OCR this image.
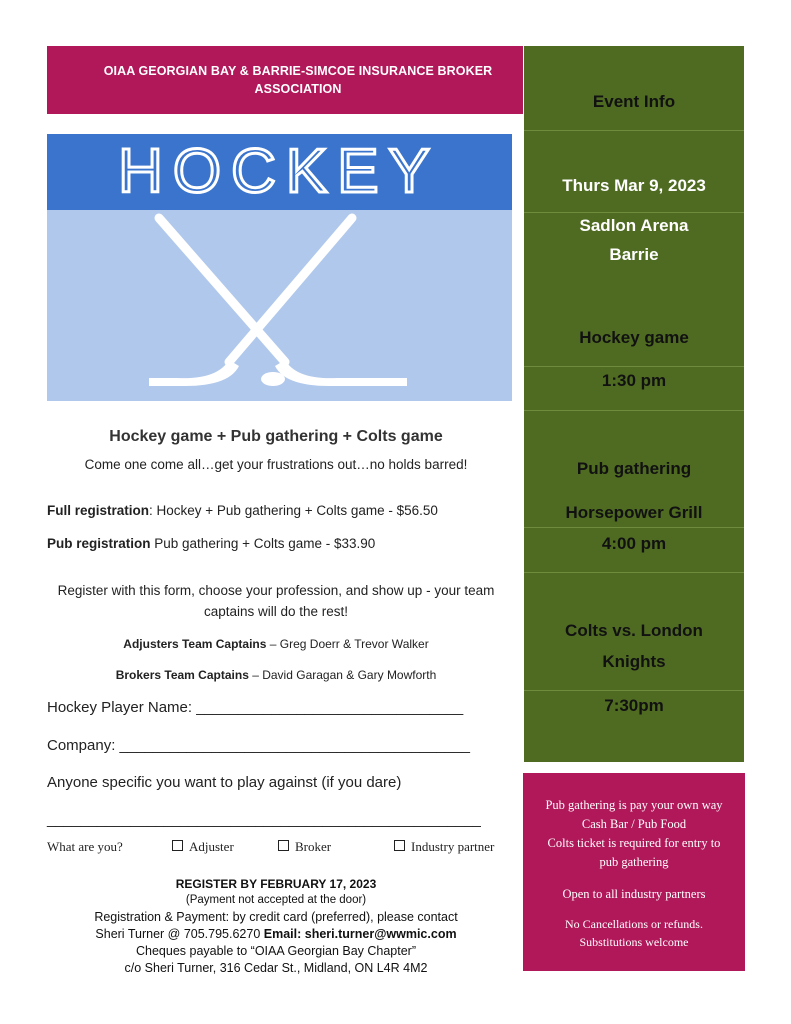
OIAA GEORGIAN BAY & BARRIE-SIMCOE INSURANCE BROKER ASSOCIATION
HOCKEY
Event Info
Thurs Mar 9, 2023
Sadlon Arena
Barrie
Hockey game
1:30 pm
Pub gathering
Horsepower Grill
4:00 pm
Colts vs. London
Knights
7:30pm
Hockey game + Pub gathering + Colts game
Come one come all…get your frustrations out…no holds barred!
Full registration: Hockey + Pub gathering + Colts game - $56.50
Pub registration Pub gathering + Colts game - $33.90
Register with this form, choose your profession, and show up - your team
captains will do the rest!
Adjusters Team Captains – Greg Doerr & Trevor Walker
Brokers Team Captains – David Garagan & Gary Mowforth
Hockey Player Name: ________________________________
Company: __________________________________________
Anyone specific you want to play against (if you dare)
____________________________________________________
What are you?	Adjuster	Broker	Industry partner
REGISTER BY FEBRUARY 17, 2023
(Payment not accepted at the door)
Registration & Payment: by credit card (preferred), please contact
Sheri Turner @ 705.795.6270 Email: sheri.turner@wwmic.com
Cheques payable to “OIAA Georgian Bay Chapter”
c/o Sheri Turner, 316 Cedar St., Midland, ON L4R 4M2
Pub gathering is pay your own way
Cash Bar / Pub Food
Colts ticket is required for entry to
pub gathering
Open to all industry partners
No Cancellations or refunds.
Substitutions welcome
